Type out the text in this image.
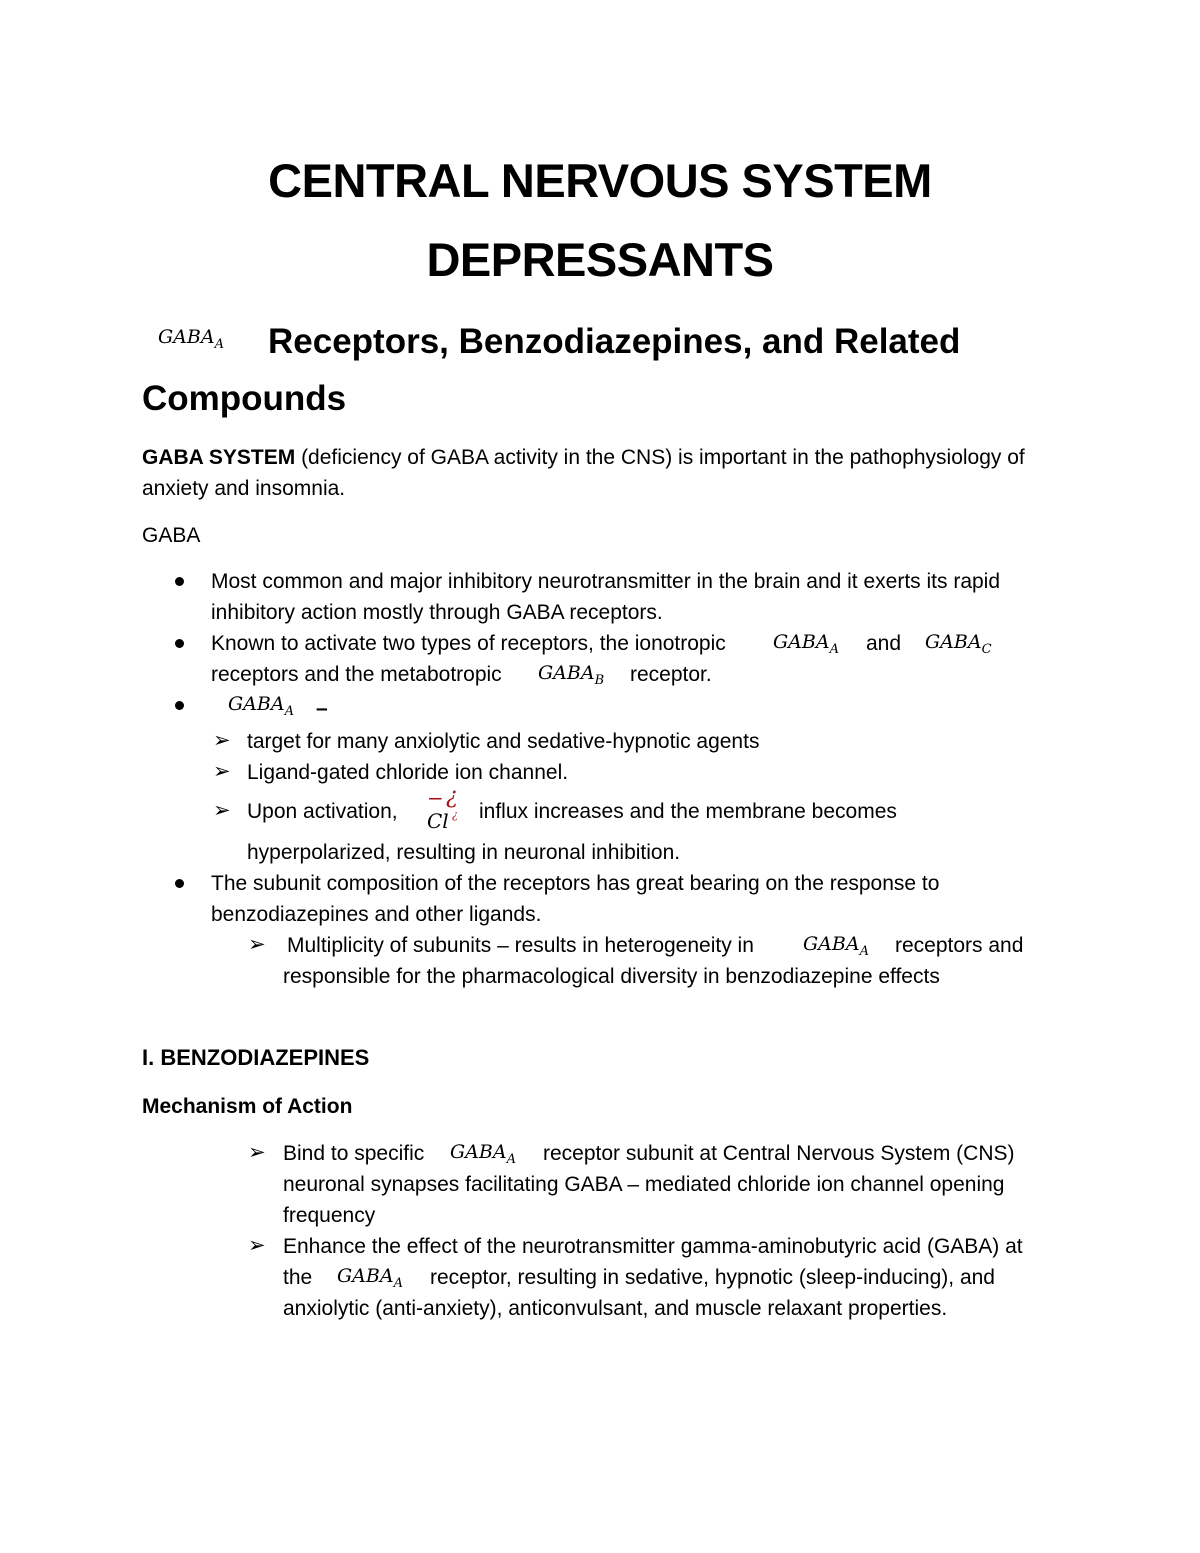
CENTRAL NERVOUS SYSTEM
DEPRESSANTS
$GABA_A$ Receptors, Benzodiazepines, and Related
Compounds
GABA SYSTEM (deficiency of GABA activity in the CNS) is important in the pathophysiology of
anxiety and insomnia.
GABA
Most common and major inhibitory neurotransmitter in the brain and it exerts its rapid
inhibitory action mostly through GABA receptors.
Known to activate two types of receptors, the ionotropic $GABA_A$ and $GABA_C$
receptors and the metabotropic $GABA_B$ receptor.
$GABA_A$ –
➢ target for many anxiolytic and sedative-hypnotic agents
➢ Ligand-gated chloride ion channel.
➢ Upon activation,
− ¿
Cl ¿ influx increases and the membrane becomes
hyperpolarized, resulting in neuronal inhibition.
The subunit composition of the receptors has great bearing on the response to
benzodiazepines and other ligands.
➢ Multiplicity of subunits – results in heterogeneity in	$GABA_A$ receptors and
responsible for the pharmacological diversity in benzodiazepine effects
I. BENZODIAZEPINES
Mechanism of Action
➢ Bind to specific $GABA_A$ receptor subunit at Central Nervous System (CNS)
neuronal synapses facilitating GABA – mediated chloride ion channel opening
frequency
➢ Enhance the effect of the neurotransmitter gamma-aminobutyric acid (GABA) at
the $GABA_A$ receptor, resulting in sedative, hypnotic (sleep-inducing), and
anxiolytic (anti-anxiety), anticonvulsant, and muscle relaxant properties.
